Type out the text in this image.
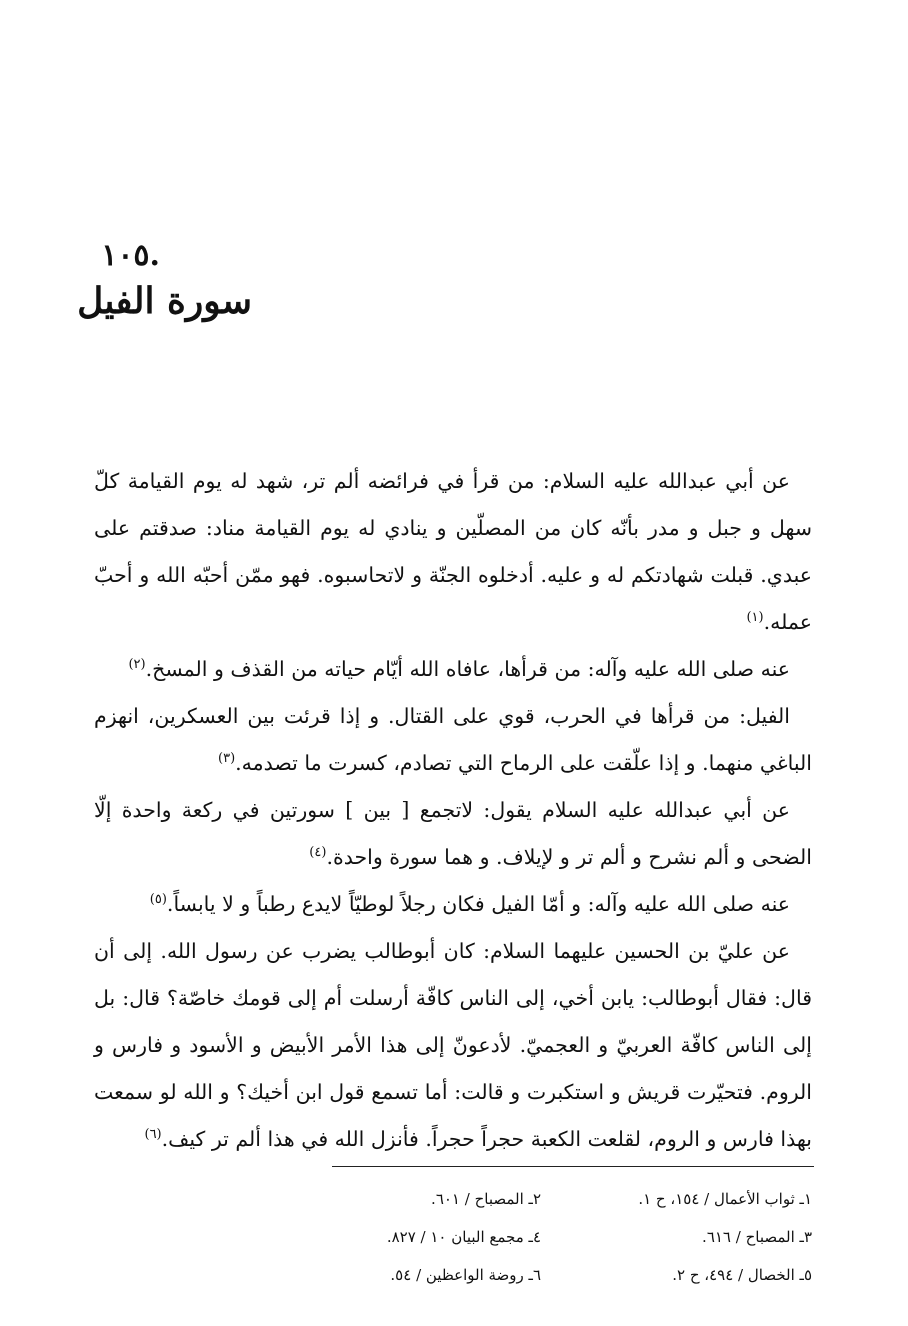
.١٠٥
سورة الفيل

عن أبي عبدالله عليه السلام: من قرأ في فرائضه ألم تر، شهد له يوم القيامة كلّ سهل و جبل و مدر بأنّه كان من المصلّين و ينادي له يوم القيامة مناد: صدقتم على عبدي. قبلت شهادتكم له و عليه. أدخلوه الجنّة و لاتحاسبوه. فهو ممّن أحبّه الله و أحبّ عمله.$^{(١)}$

عنه صلى الله عليه وآله: من قرأها، عافاه الله أيّام حياته من القذف و المسخ.$^{(٢)}$

الفيل: من قرأها في الحرب، قوي على القتال. و إذا قرئت بين العسكرين، انهزم الباغي منهما. و إذا علّقت على الرماح التي تصادم، كسرت ما تصدمه.$^{(٣)}$

عن أبي عبدالله عليه السلام يقول: لاتجمع [ بين ] سورتين في ركعة واحدة إلّا الضحى و ألم نشرح و ألم تر و لإيلاف. و هما سورة واحدة.$^{(٤)}$

عنه صلى الله عليه وآله: و أمّا الفيل فكان رجلاً لوطيّاً لايدع رطباً و لا يابساً.$^{(٥)}$

عن عليّ بن الحسين عليهما السلام: كان أبوطالب يضرب عن رسول الله. إلى أن قال: فقال أبوطالب: يابن أخي، إلى الناس كافّة أرسلت أم إلى قومك خاصّة؟ قال: بل إلى الناس كافّة العربيّ و العجميّ. لأدعونّ إلى هذا الأمر الأبيض و الأسود و فارس و الروم. فتحيّرت قريش و استكبرت و قالت: أما تسمع قول ابن أخيك؟ و الله لو سمعت بهذا فارس و الروم، لقلعت الكعبة حجراً حجراً. فأنزل الله في هذا ألم تر كيف.$^{(٦)}$

١ـ ثواب الأعمال / ١٥٤، ح ١.
٢ـ المصباح / ٦٠١.
٣ـ المصباح / ٦١٦.
٤ـ مجمع البيان ١٠ / ٨٢٧.
٥ـ الخصال / ٤٩٤، ح ٢.
٦ـ روضة الواعظين / ٥٤.
